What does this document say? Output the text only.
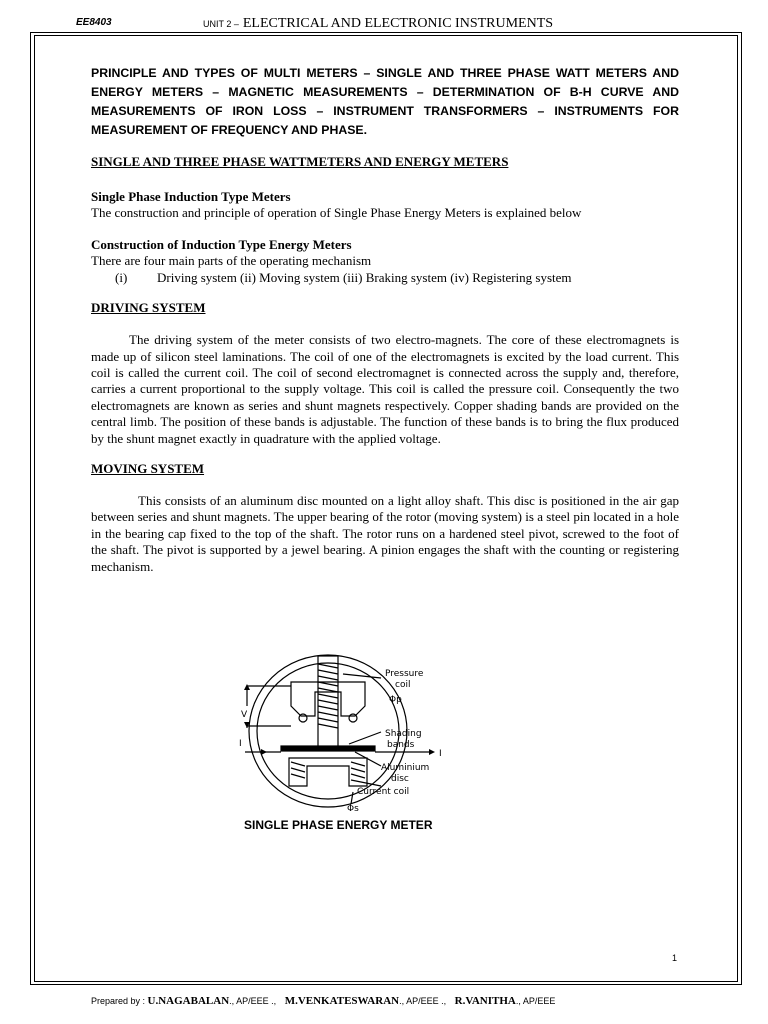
EE8403	UNIT 2 – ELECTRICAL AND ELECTRONIC INSTRUMENTS

PRINCIPLE AND TYPES OF MULTI METERS – SINGLE AND THREE PHASE WATT METERS AND ENERGY METERS – MAGNETIC MEASUREMENTS – DETERMINATION OF B-H CURVE AND MEASUREMENTS OF IRON LOSS – INSTRUMENT TRANSFORMERS – INSTRUMENTS FOR MEASUREMENT OF FREQUENCY AND PHASE.

SINGLE AND THREE PHASE WATTMETERS AND ENERGY METERS

Single Phase Induction Type Meters

The construction and principle of operation of Single Phase Energy Meters is explained below

Construction of Induction Type Energy Meters

There are four main parts of the operating mechanism

(i) Driving system (ii) Moving system (iii) Braking system (iv) Registering system

DRIVING SYSTEM

The driving system of the meter consists of two electro-magnets. The core of these electromagnets is made up of silicon steel laminations. The coil of one of the electromagnets is excited by the load current. This coil is called the current coil. The coil of second electromagnet is connected across the supply and, therefore, carries a current proportional to the supply voltage. This coil is called the pressure coil. Consequently the two electromagnets are known as series and shunt magnets respectively. Copper shading bands are provided on the central limb. The position of these bands is adjustable. The function of these bands is to bring the flux produced by the shunt magnet exactly in quadrature with the applied voltage.

MOVING SYSTEM

This consists of an aluminum disc mounted on a light alloy shaft. This disc is positioned in the air gap between series and shunt magnets. The upper bearing of the rotor (moving system) is a steel pin located in a hole in the bearing cap fixed to the top of the shaft. The rotor runs on a hardened steel pivot, screwed to the foot of the shaft. The pivot is supported by a jewel bearing. A pinion engages the shaft with the counting or registering mechanism.

Pressure
coil
Φp
Shading
bands
Aluminium
disc
Current coil
Φs
V
I
I
SINGLE PHASE ENERGY METER
1
Prepared by : U.NAGABALAN., AP/EEE ., M.VENKATESWARAN., AP/EEE ., R.VANITHA., AP/EEE
